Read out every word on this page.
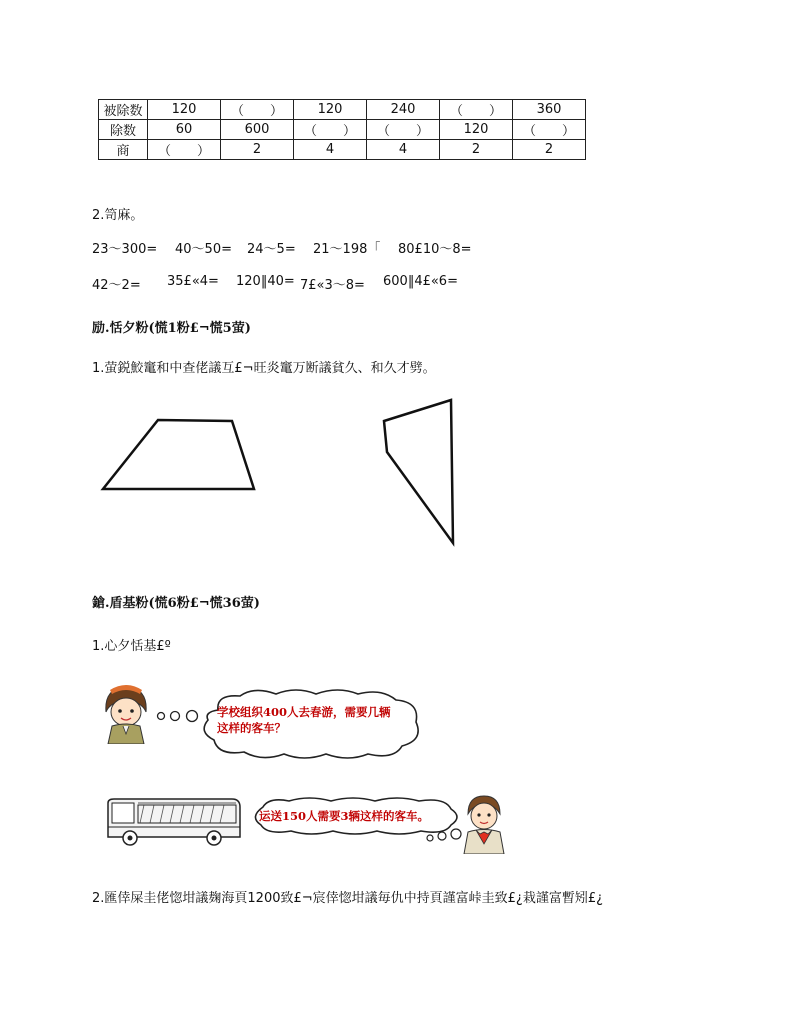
被除数	120	（　　）	120	240	（　　）	360
除数	60	600	（　　）	（　　）	120	（　　）
商	（　　）	2	4	4	2	2
2.笥麻。
23〜300= 40〜50= 24〜5= 21〜198「 80£10〜8=
42〜2= 35£«4= 120‖40= 7£«3〜8= 600‖4£«6=
励.恬夕粉(慌1粉£¬慌5萤)
1.萤鋭鮫竃和中查佬議互£¬旺炎竃万断議貧久、和久才劈。
鎗.盾基粉(慌6粉£¬慌36萤)
1.心夕恬基£º
学校组织400人去春游，需要几辆
这样的客车？
运送150人需要3辆这样的客车。
2.匯倖屎圭佬惚坩議麹海頁1200致£¬宸倖惚坩議毎仇中持頁謹富峠圭致£¿栽謹富暫矧£¿
